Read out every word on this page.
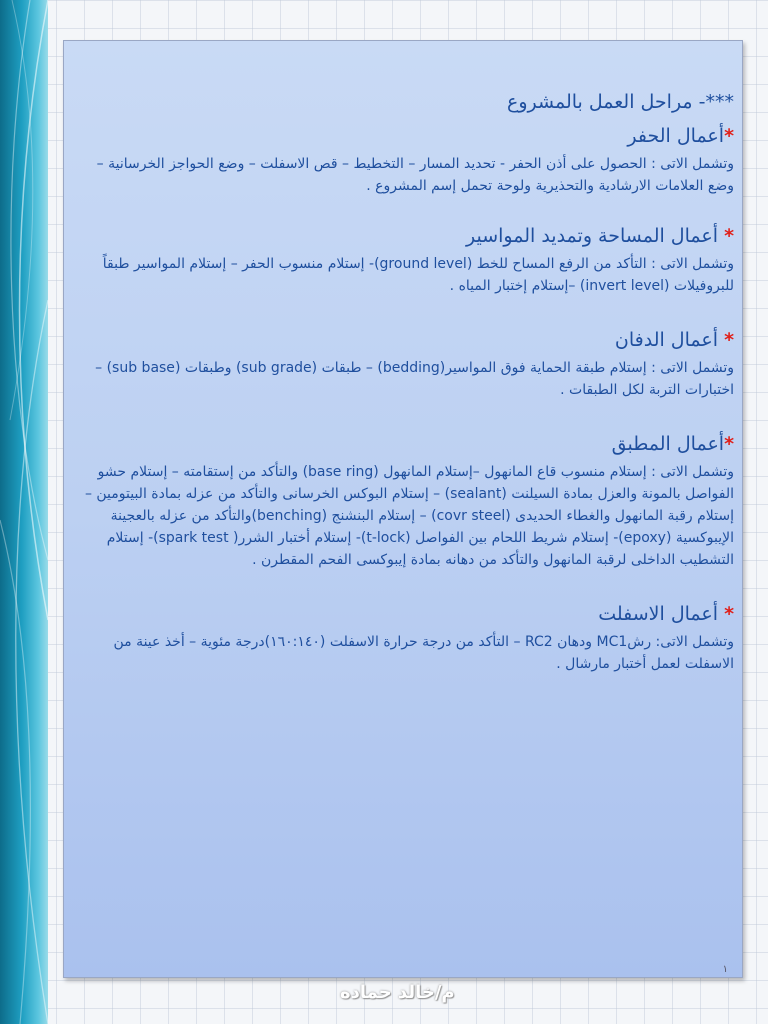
***- مراحل العمل بالمشروع
*أعمال الحفر

وتشمل الاتى : الحصول على أذن الحفر - تحديد المسار – التخطيط – قص الاسفلت – وضع الحواجز الخرسانية – وضع العلامات الارشادية والتحذيرية ولوحة تحمل إسم المشروع .

* أعمال المساحة وتمديد المواسير

وتشمل الاتى : التأكد من الرفع المساح للخط (ground level)- إستلام منسوب الحفر – إستلام المواسير طبقاً للبروفيلات (invert level) –إستلام إختبار المياه .

* أعمال الدفان

وتشمل الاتى : إستلام طبقة الحماية فوق المواسير(bedding) – طبقات (sub grade) وطبقات (sub base) – اختبارات التربة لكل الطبقات .

*أعمال المطبق

وتشمل الاتى : إستلام منسوب قاع المانهول –إستلام المانهول (base ring) والتأكد من إستقامته – إستلام حشو الفواصل بالمونة والعزل بمادة السيلنت (sealant) – إستلام البوكس الخرسانى والتأكد من عزله بمادة البيتومين – إستلام رقبة المانهول والغطاء الحديدى (covr steel) – إستلام البنشنج (benching)والتأكد من عزله بالعجينة الإيبوكسية (epoxy)- إستلام شريط اللحام بين الفواصل (t-lock)- إستلام أختبار الشرر( spark test)- إستلام التشطيب الداخلى لرقبة المانهول والتأكد من دهانه بمادة إيبوكسى الفحم المقطرن .

* أعمال الاسفلت

وتشمل الاتى: رشMC1 ودهان RC2 – التأكد من درجة حرارة الاسفلت (١٦٠:١٤٠)درجة مئوية – أخذ عينة من الاسفلت لعمل أختبار مارشال .

١
م/خالد حماده
